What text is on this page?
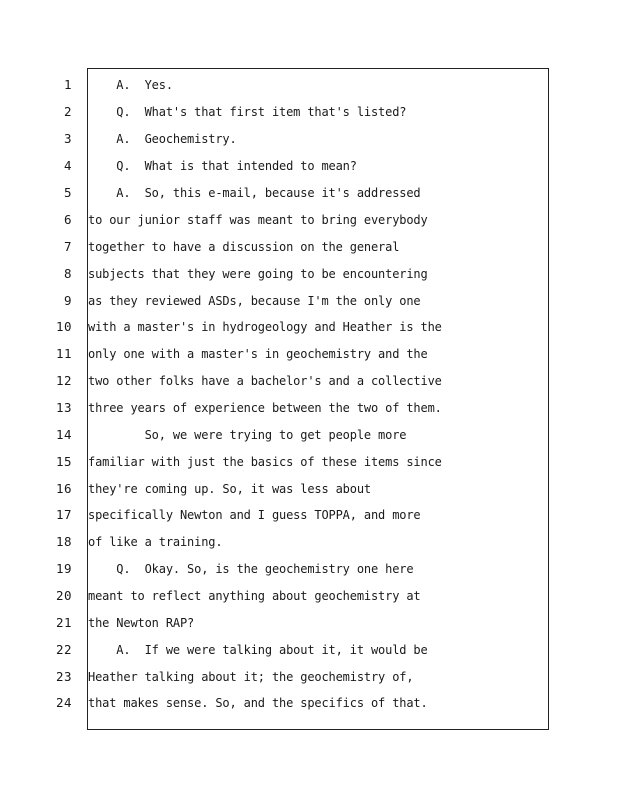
1 A.  Yes.
2 Q.  What's that first item that's listed?
3 A.  Geochemistry.
4 Q.  What is that intended to mean?
5 A.  So, this e-mail, because it's addressed
6 to our junior staff was meant to bring everybody
7 together to have a discussion on the general
8 subjects that they were going to be encountering
9 as they reviewed ASDs, because I'm the only one
10 with a master's in hydrogeology and Heather is the
11 only one with a master's in geochemistry and the
12 two other folks have a bachelor's and a collective
13 three years of experience between the two of them.
14 So, we were trying to get people more
15 familiar with just the basics of these items since
16 they're coming up. So, it was less about
17 specifically Newton and I guess TOPPA, and more
18 of like a training.
19 Q.  Okay. So, is the geochemistry one here
20 meant to reflect anything about geochemistry at
21 the Newton RAP?
22 A.  If we were talking about it, it would be
23 Heather talking about it; the geochemistry of,
24 that makes sense. So, and the specifics of that.
